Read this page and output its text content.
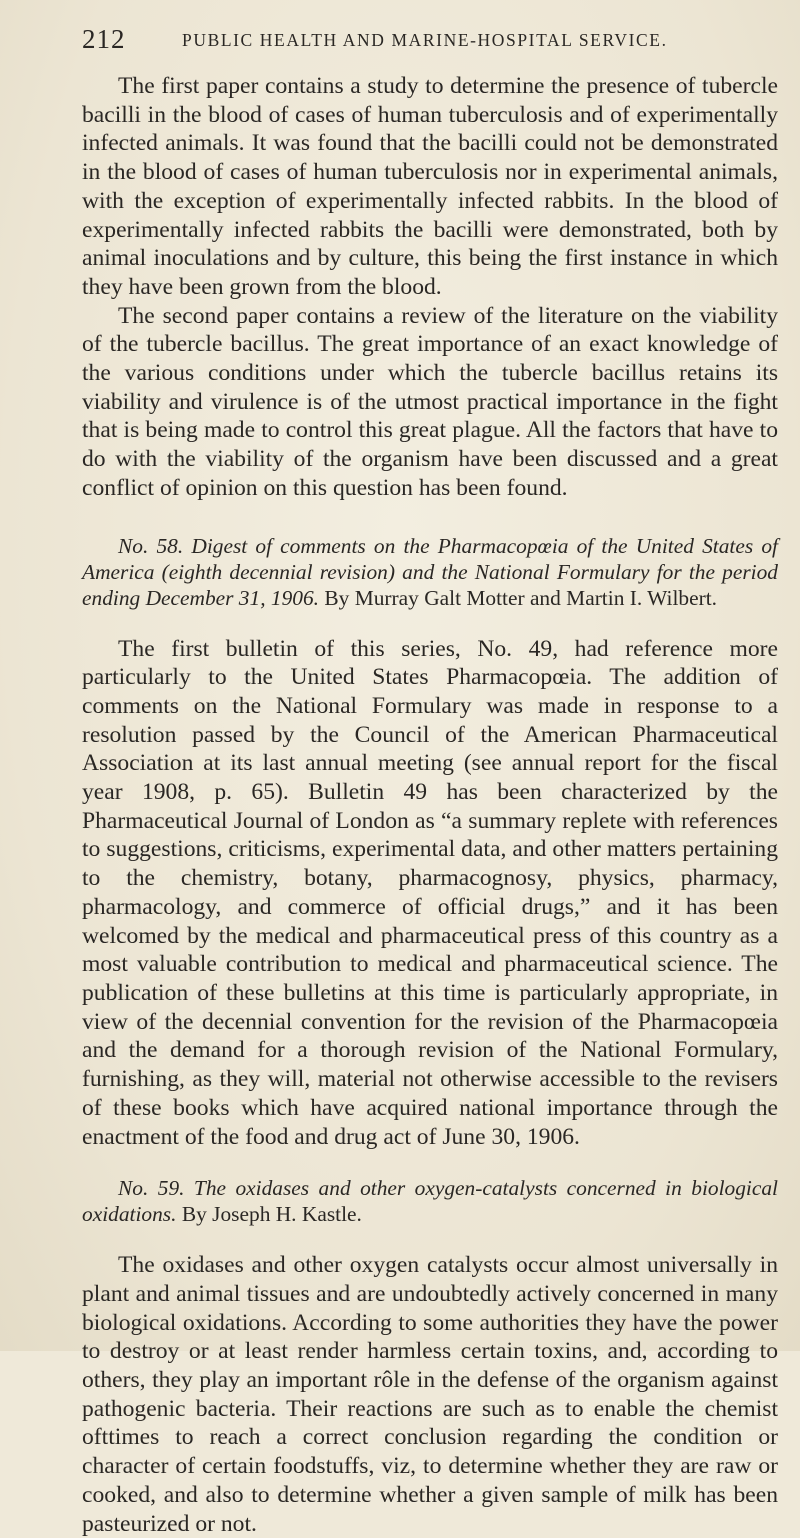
212	PUBLIC HEALTH AND MARINE-HOSPITAL SERVICE.

The first paper contains a study to determine the presence of tubercle bacilli in the blood of cases of human tuberculosis and of experimentally infected animals. It was found that the bacilli could not be demonstrated in the blood of cases of human tuberculosis nor in experimental animals, with the exception of experimentally infected rabbits. In the blood of experimentally infected rabbits the bacilli were demonstrated, both by animal inoculations and by culture, this being the first instance in which they have been grown from the blood.

The second paper contains a review of the literature on the viability of the tubercle bacillus. The great importance of an exact knowledge of the various conditions under which the tubercle bacillus retains its viability and virulence is of the utmost practical importance in the fight that is being made to control this great plague. All the factors that have to do with the viability of the organism have been discussed and a great conflict of opinion on this question has been found.

No. 58. Digest of comments on the Pharmacopœia of the United States of America (eighth decennial revision) and the National Formulary for the period ending December 31, 1906. By Murray Galt Motter and Martin I. Wilbert.

The first bulletin of this series, No. 49, had reference more particularly to the United States Pharmacopœia. The addition of comments on the National Formulary was made in response to a resolution passed by the Council of the American Pharmaceutical Association at its last annual meeting (see annual report for the fiscal year 1908, p. 65). Bulletin 49 has been characterized by the Pharmaceutical Journal of London as “a summary replete with references to suggestions, criticisms, experimental data, and other matters pertaining to the chemistry, botany, pharmacognosy, physics, pharmacy, pharmacology, and commerce of official drugs,” and it has been welcomed by the medical and pharmaceutical press of this country as a most valuable contribution to medical and pharmaceutical science. The publication of these bulletins at this time is particularly appropriate, in view of the decennial convention for the revision of the Pharmacopœia and the demand for a thorough revision of the National Formulary, furnishing, as they will, material not otherwise accessible to the revisers of these books which have acquired national importance through the enactment of the food and drug act of June 30, 1906.

No. 59. The oxidases and other oxygen-catalysts concerned in biological oxidations. By Joseph H. Kastle.

The oxidases and other oxygen catalysts occur almost universally in plant and animal tissues and are undoubtedly actively concerned in many biological oxidations. According to some authorities they have the power to destroy or at least render harmless certain toxins, and, according to others, they play an important rôle in the defense of the organism against pathogenic bacteria. Their reactions are such as to enable the chemist ofttimes to reach a correct conclusion regarding the condition or character of certain foodstuffs, viz, to determine whether they are raw or cooked, and also to determine whether a given sample of milk has been pasteurized or not.
